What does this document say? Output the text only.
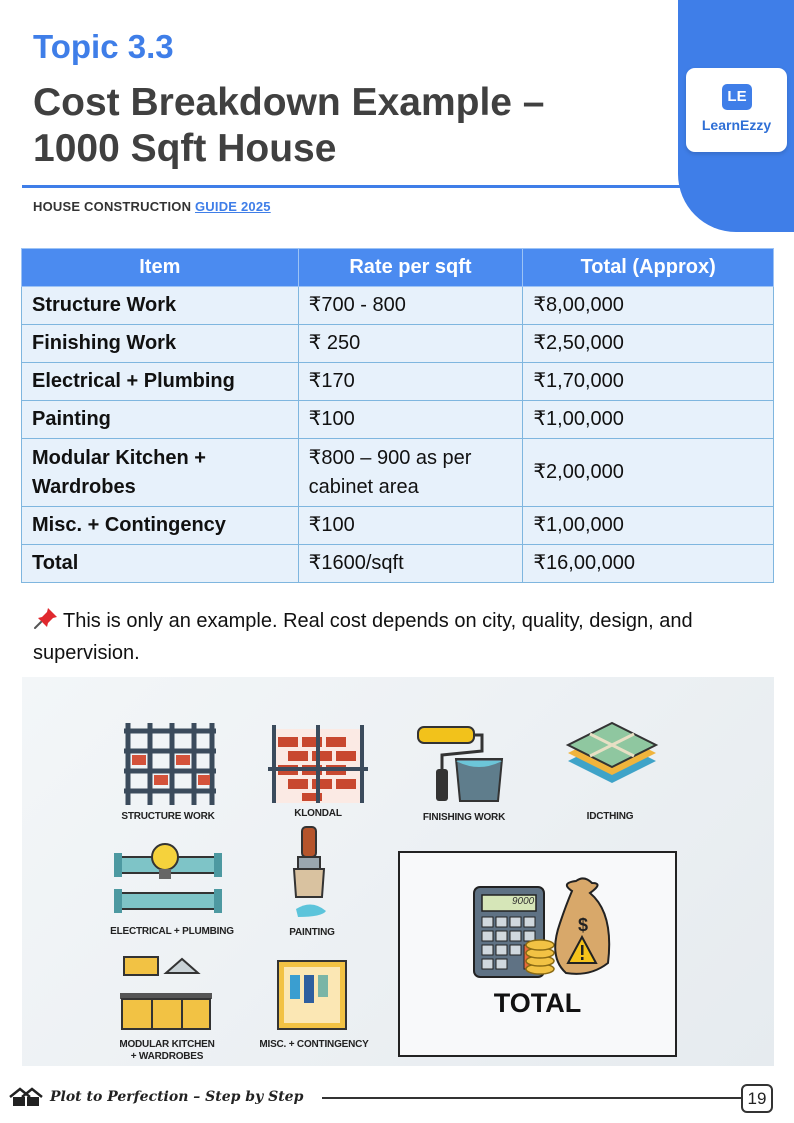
LE
LearnEzzy
Topic 3.3
Cost Breakdown Example –
1000 Sqft House
HOUSE CONSTRUCTION GUIDE 2025
Item	Rate per sqft	Total (Approx)
Structure Work	₹700 - 800	₹8,00,000
Finishing Work	₹ 250	₹2,50,000
Electrical + Plumbing	₹170	₹1,70,000
Painting	₹100	₹1,00,000
Modular Kitchen + Wardrobes	₹800 – 900 as per cabinet area	₹2,00,000
Misc. + Contingency	₹100	₹1,00,000
Total	₹1600/sqft	₹16,00,000
This is only an example. Real cost depends on city, quality, design, and supervision.
STRUCTURE WORK	KLONDAL	FINISHING WORK	IDCTHING
ELECTRICAL + PLUMBING	PAINTING
MODULAR KITCHEN
+ WARDROBES
MISC. + CONTINGENCY
$
9000
TOTAL
Plot to Perfection – Step by Step	19
